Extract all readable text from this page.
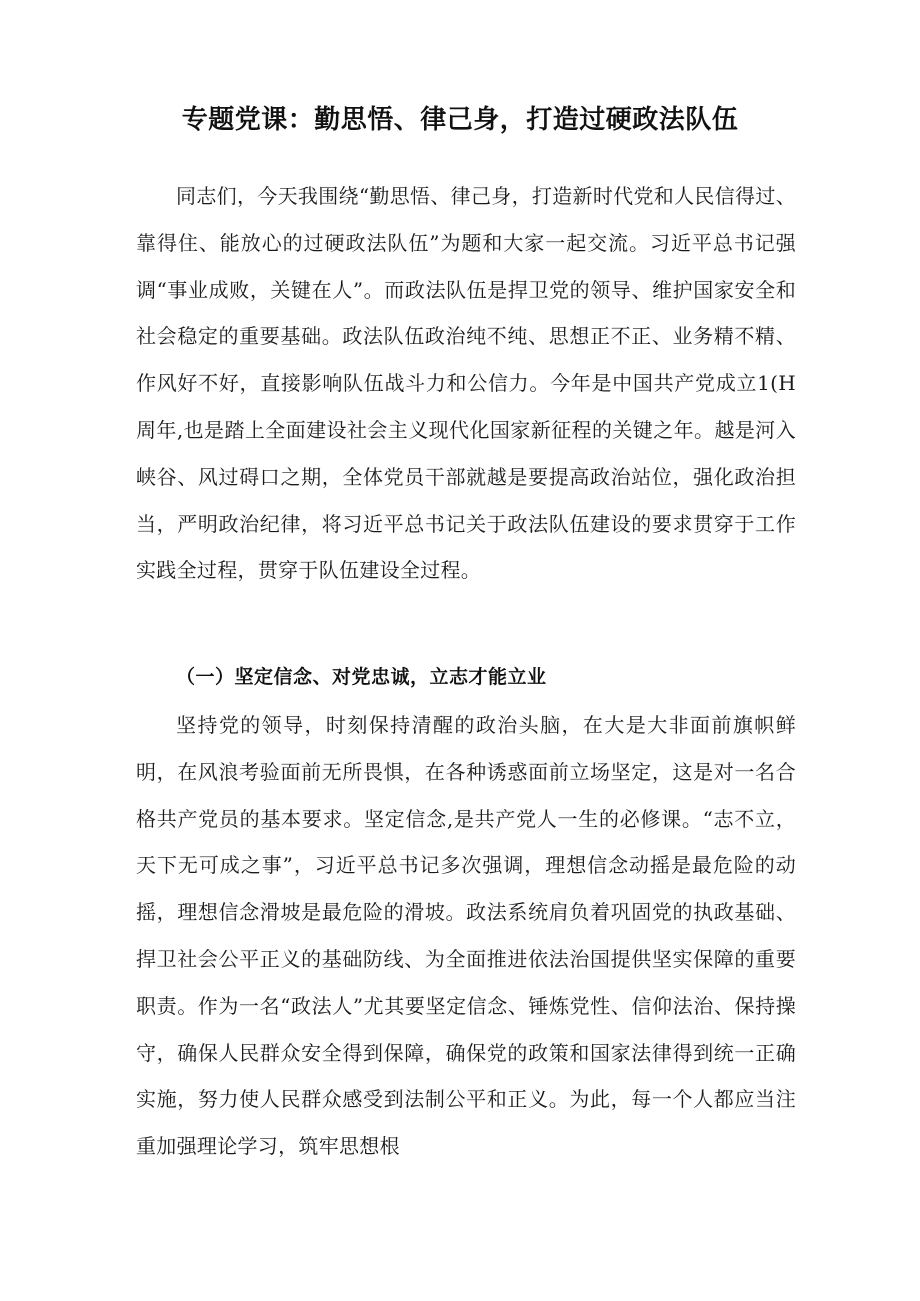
专题党课：勤思悟、律己身，打造过硬政法队伍

同志们，今天我围绕“勤思悟、律己身，打造新时代党和人民信得过、靠得住、能放心的过硬政法队伍”为题和大家一起交流。习近平总书记强调“事业成败，关键在人”。而政法队伍是捍卫党的领导、维护国家安全和社会稳定的重要基础。政法队伍政治纯不纯、思想正不正、业务精不精、作风好不好，直接影响队伍战斗力和公信力。今年是中国共产党成立1(H周年,也是踏上全面建设社会主义现代化国家新征程的关键之年。越是河入峡谷、风过碍口之期，全体党员干部就越是要提高政治站位，强化政治担当，严明政治纪律，将习近平总书记关于政法队伍建设的要求贯穿于工作实践全过程，贯穿于队伍建设全过程。

（一）坚定信念、对党忠诚，立志才能立业

坚持党的领导，时刻保持清醒的政治头脑，在大是大非面前旗帜鲜明，在风浪考验面前无所畏惧，在各种诱惑面前立场坚定，这是对一名合格共产党员的基本要求。坚定信念,是共产党人一生的必修课。“志不立，天下无可成之事”，习近平总书记多次强调，理想信念动摇是最危险的动摇，理想信念滑坡是最危险的滑坡。政法系统肩负着巩固党的执政基础、捍卫社会公平正义的基础防线、为全面推进依法治国提供坚实保障的重要职责。作为一名“政法人”尤其要坚定信念、锤炼党性、信仰法治、保持操守，确保人民群众安全得到保障，确保党的政策和国家法律得到统一正确实施，努力使人民群众感受到法制公平和正义。为此，每一个人都应当注重加强理论学习，筑牢思想根
